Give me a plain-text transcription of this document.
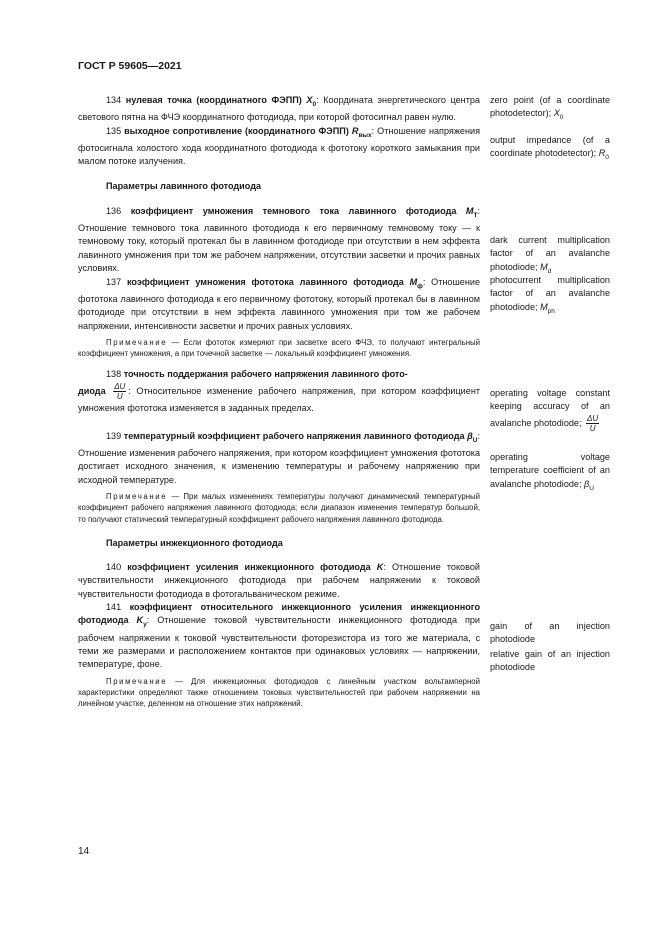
ГОСТ Р 59605—2021

134 нулевая точка (координатного ФЭПП) $X_0$: Координата энергетического центра светового пятна на ФЧЭ координатного фотодиода, при которой фотосигнал равен нулю.

135 выходное сопротивление (координатного ФЭПП) $R_{вых}$: Отношение напряжения фотосигнала холостого хода координатного фотодиода к фототоку короткого замыкания при малом потоке излучения.

Параметры лавинного фотодиода

136 коэффициент умножения темнового тока лавинного фотодиода $M_T$: Отношение темнового тока лавинного фотодиода к его первичному темновому току — к темновому току, который протекал бы в лавинном фотодиоде при отсутствии в нем эффекта лавинного умножения при том же рабочем напряжении, отсутствии засветки и прочих равных условиях.

137 коэффициент умножения фототока лавинного фотодиода $M_ф$: Отношение фототока лавинного фотодиода к его первичному фототоку, который протекал бы в лавинном фотодиоде при отсутствии в нем эффекта лавинного умножения при том же рабочем напряжении, интенсивности засветки и прочих равных условиях.

Примечание — Если фототок измеряют при засветке всего ФЧЭ, то получают интегральный коэффициент умножения, а при точечной засветке — локальный коэффициент умножения.

138 точность поддержания рабочего напряжения лавинного фото-

диода $\frac{\Delta U}{U}$ : Относительное изменение рабочего напряжения, при котором коэффициент умножения фототока изменяется в заданных пределах.

139 температурный коэффициент рабочего напряжения лавинного фотодиода $\beta_U$: Отношение изменения рабочего напряжения, при котором коэффициент умножения фототока достигает исходного значения, к изменению температуры и рабочему напряжению при исходной температуре.

Примечание — При малых изменениях температуры получают динамический температурный коэффициент рабочего напряжения лавинного фотодиода; если диапазон изменения температур большой, то получают статический температурный коэффициент рабочего напряжения лавинного фотодиода.

Параметры инжекционного фотодиода

140 коэффициент усиления инжекционного фотодиода K: Отношение токовой чувствительности инжекционного фотодиода при рабочем напряжении к токовой чувствительности фотодиода в фотогальваническом режиме.

141 коэффициент относительного инжекционного усиления инжекционного фотодиода $K_у$: Отношение токовой чувствительности инжекционного фотодиода при рабочем напряжении к токовой чувствительности фоторезистора из того же материала, с теми же размерами и расположением контактов при одинаковых условиях — напряжении, температуре, фоне.

Примечание — Для инжекционных фотодиодов с линейным участком вольтамперной характеристики определяют также отношением токовых чувствительностей при рабочем напряжении на линейном участке, деленном на отношение этих напряжений.

zero point (of a coordinate photodetector); $X_0$

output impedance (of a coordinate photodetector); $R_0$

dark current multiplication factor of an avalanche photodiode; $M_d$

photocurrent multiplication factor of an avalanche photodiode; $M_{ph}$

operating voltage constant keeping accuracy of an avalanche photodiode; $\frac{\Delta U}{U}$

operating voltage temperature coefficient of an avalanche photodiode; $\beta_U$

gain of an injection photodiode

relative gain of an injection photodiode

14
